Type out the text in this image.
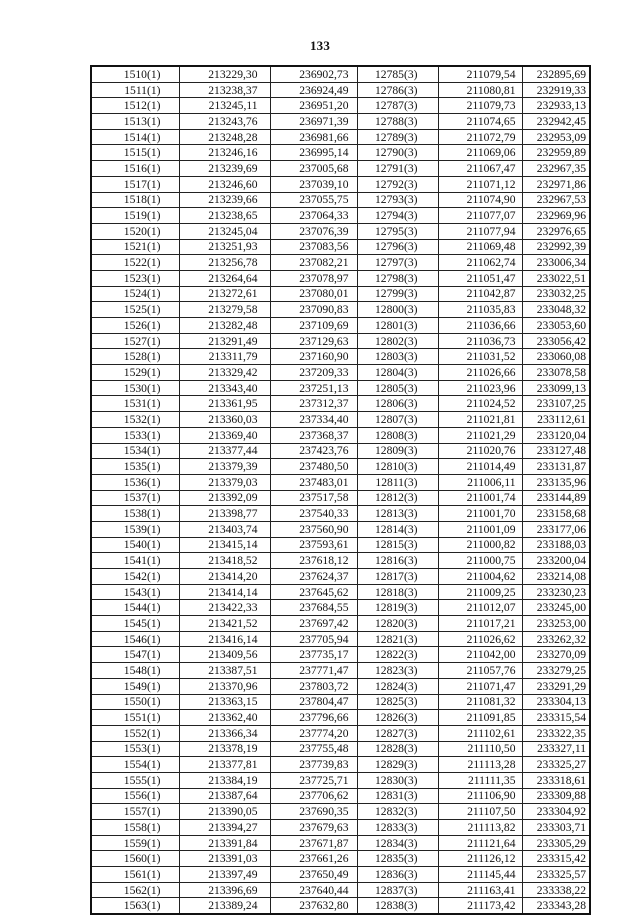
133
1510(1)	213229,30	236902,73	12785(3)	211079,54	232895,69
1511(1)	213238,37	236924,49	12786(3)	211080,81	232919,33
1512(1)	213245,11	236951,20	12787(3)	211079,73	232933,13
1513(1)	213243,76	236971,39	12788(3)	211074,65	232942,45
1514(1)	213248,28	236981,66	12789(3)	211072,79	232953,09
1515(1)	213246,16	236995,14	12790(3)	211069,06	232959,89
1516(1)	213239,69	237005,68	12791(3)	211067,47	232967,35
1517(1)	213246,60	237039,10	12792(3)	211071,12	232971,86
1518(1)	213239,66	237055,75	12793(3)	211074,90	232967,53
1519(1)	213238,65	237064,33	12794(3)	211077,07	232969,96
1520(1)	213245,04	237076,39	12795(3)	211077,94	232976,65
1521(1)	213251,93	237083,56	12796(3)	211069,48	232992,39
1522(1)	213256,78	237082,21	12797(3)	211062,74	233006,34
1523(1)	213264,64	237078,97	12798(3)	211051,47	233022,51
1524(1)	213272,61	237080,01	12799(3)	211042,87	233032,25
1525(1)	213279,58	237090,83	12800(3)	211035,83	233048,32
1526(1)	213282,48	237109,69	12801(3)	211036,66	233053,60
1527(1)	213291,49	237129,63	12802(3)	211036,73	233056,42
1528(1)	213311,79	237160,90	12803(3)	211031,52	233060,08
1529(1)	213329,42	237209,33	12804(3)	211026,66	233078,58
1530(1)	213343,40	237251,13	12805(3)	211023,96	233099,13
1531(1)	213361,95	237312,37	12806(3)	211024,52	233107,25
1532(1)	213360,03	237334,40	12807(3)	211021,81	233112,61
1533(1)	213369,40	237368,37	12808(3)	211021,29	233120,04
1534(1)	213377,44	237423,76	12809(3)	211020,76	233127,48
1535(1)	213379,39	237480,50	12810(3)	211014,49	233131,87
1536(1)	213379,03	237483,01	12811(3)	211006,11	233135,96
1537(1)	213392,09	237517,58	12812(3)	211001,74	233144,89
1538(1)	213398,77	237540,33	12813(3)	211001,70	233158,68
1539(1)	213403,74	237560,90	12814(3)	211001,09	233177,06
1540(1)	213415,14	237593,61	12815(3)	211000,82	233188,03
1541(1)	213418,52	237618,12	12816(3)	211000,75	233200,04
1542(1)	213414,20	237624,37	12817(3)	211004,62	233214,08
1543(1)	213414,14	237645,62	12818(3)	211009,25	233230,23
1544(1)	213422,33	237684,55	12819(3)	211012,07	233245,00
1545(1)	213421,52	237697,42	12820(3)	211017,21	233253,00
1546(1)	213416,14	237705,94	12821(3)	211026,62	233262,32
1547(1)	213409,56	237735,17	12822(3)	211042,00	233270,09
1548(1)	213387,51	237771,47	12823(3)	211057,76	233279,25
1549(1)	213370,96	237803,72	12824(3)	211071,47	233291,29
1550(1)	213363,15	237804,47	12825(3)	211081,32	233304,13
1551(1)	213362,40	237796,66	12826(3)	211091,85	233315,54
1552(1)	213366,34	237774,20	12827(3)	211102,61	233322,35
1553(1)	213378,19	237755,48	12828(3)	211110,50	233327,11
1554(1)	213377,81	237739,83	12829(3)	211113,28	233325,27
1555(1)	213384,19	237725,71	12830(3)	211111,35	233318,61
1556(1)	213387,64	237706,62	12831(3)	211106,90	233309,88
1557(1)	213390,05	237690,35	12832(3)	211107,50	233304,92
1558(1)	213394,27	237679,63	12833(3)	211113,82	233303,71
1559(1)	213391,84	237671,87	12834(3)	211121,64	233305,29
1560(1)	213391,03	237661,26	12835(3)	211126,12	233315,42
1561(1)	213397,49	237650,49	12836(3)	211145,44	233325,57
1562(1)	213396,69	237640,44	12837(3)	211163,41	233338,22
1563(1)	213389,24	237632,80	12838(3)	211173,42	233343,28
